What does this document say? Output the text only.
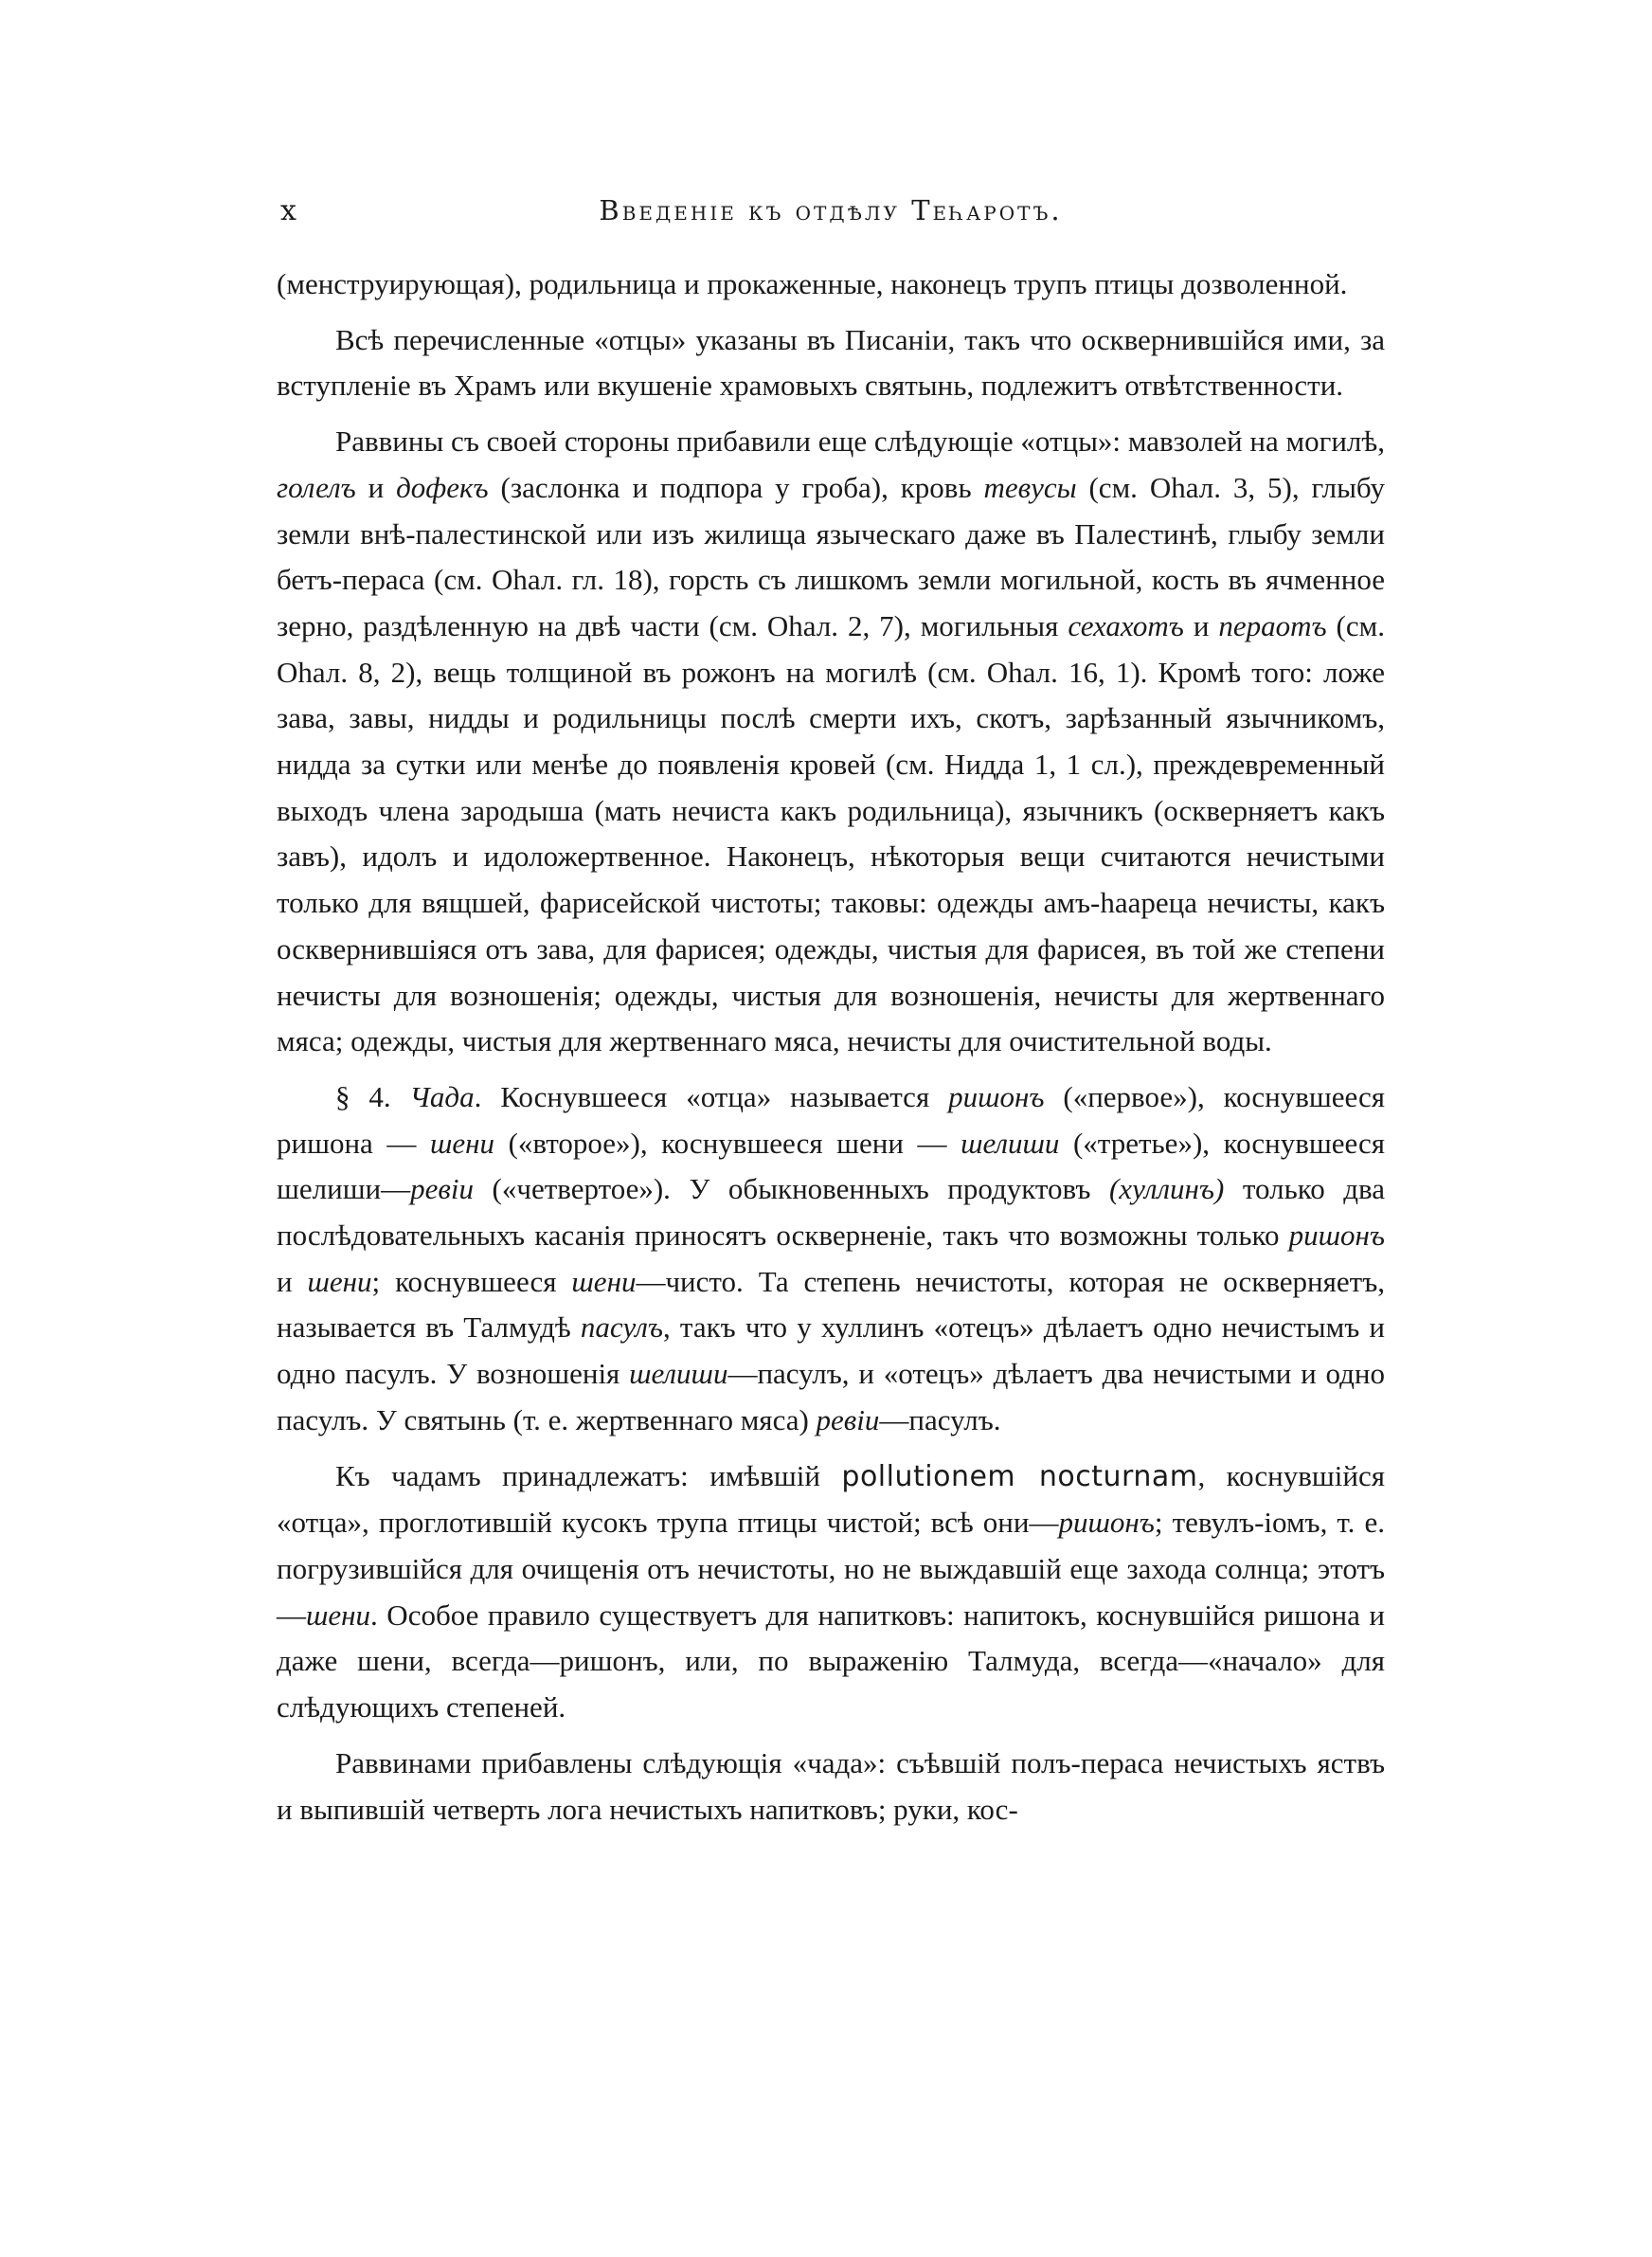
x	Введеніе къ отдѣлу Теһаротъ.

(менструирующая), родильница и прокаженные, наконецъ трупъ птицы дозволенной.

Всѣ перечисленные «отцы» указаны въ Писаніи, такъ что осквернившійся ими, за вступленіе въ Храмъ или вкушеніе храмовыхъ святынь, подлежитъ отвѣтственности.

Раввины съ своей стороны прибавили еще слѣдующіе «отцы»: мавзолей на могилѣ, голелъ и дофекъ (заслонка и подпора у гроба), кровь тевусы (см. Оһал. 3, 5), глыбу земли внѣ-палестинской или изъ жилища языческаго даже въ Палестинѣ, глыбу земли бетъ-пераса (см. Оһал. гл. 18), горсть съ лишкомъ земли могильной, кость въ ячменное зерно, раздѣленную на двѣ части (см. Оһал. 2, 7), могильныя сехахотъ и пераотъ (см. Оһал. 8, 2), вещь толщиной въ рожонъ на могилѣ (см. Оһал. 16, 1). Кромѣ того: ложе зава, завы, нидды и родильницы послѣ смерти ихъ, скотъ, зарѣзанный язычникомъ, нидда за сутки или менѣе до появленія кровей (см. Нидда 1, 1 сл.), преждевременный выходъ члена зародыша (мать нечиста какъ родильница), язычникъ (оскверняетъ какъ завъ), идолъ и идоложертвенное. Наконецъ, нѣкоторыя вещи считаются нечистыми только для вящшей, фарисейской чистоты; таковы: одежды амъ-һаареца нечисты, какъ осквернившіяся отъ зава, для фарисея; одежды, чистыя для фарисея, въ той же степени нечисты для возношенія; одежды, чистыя для возношенія, нечисты для жертвеннаго мяса; одежды, чистыя для жертвеннаго мяса, нечисты для очистительной воды.

§ 4. Чада. Коснувшееся «отца» называется ришонъ («первое»), коснувшееся ришона — шени («второе»), коснувшееся шени — шелиши («третье»), коснувшееся шелиши—ревіи («четвертое»). У обыкновенныхъ продуктовъ (хуллинъ) только два послѣдовательныхъ касанія приносятъ оскверненіе, такъ что возможны только ришонъ и шени; коснувшееся шени—чисто. Та степень нечистоты, которая не оскверняетъ, называется въ Талмудѣ пасулъ, такъ что у хуллинъ «отецъ» дѣлаетъ одно нечистымъ и одно пасулъ. У возношенія шелиши—пасулъ, и «отецъ» дѣлаетъ два нечистыми и одно пасулъ. У святынь (т. е. жертвеннаго мяса) ревіи—пасулъ.

Къ чадамъ принадлежатъ: имѣвшій pollutionem nocturnam, коснувшійся «отца», проглотившій кусокъ трупа птицы чистой; всѣ они—ришонъ; тевулъ-іомъ, т. е. погрузившійся для очищенія отъ нечистоты, но не выждавшій еще захода солнца; этотъ—шени. Особое правило существуетъ для напитковъ: напитокъ, коснувшійся ришона и даже шени, всегда—ришонъ, или, по выраженію Талмуда, всегда—«начало» для слѣдующихъ степеней.

Раввинами прибавлены слѣдующія «чада»: съѣвшій полъ-пераса нечистыхъ яствъ и выпившій четверть лога нечистыхъ напитковъ; руки, кос-
